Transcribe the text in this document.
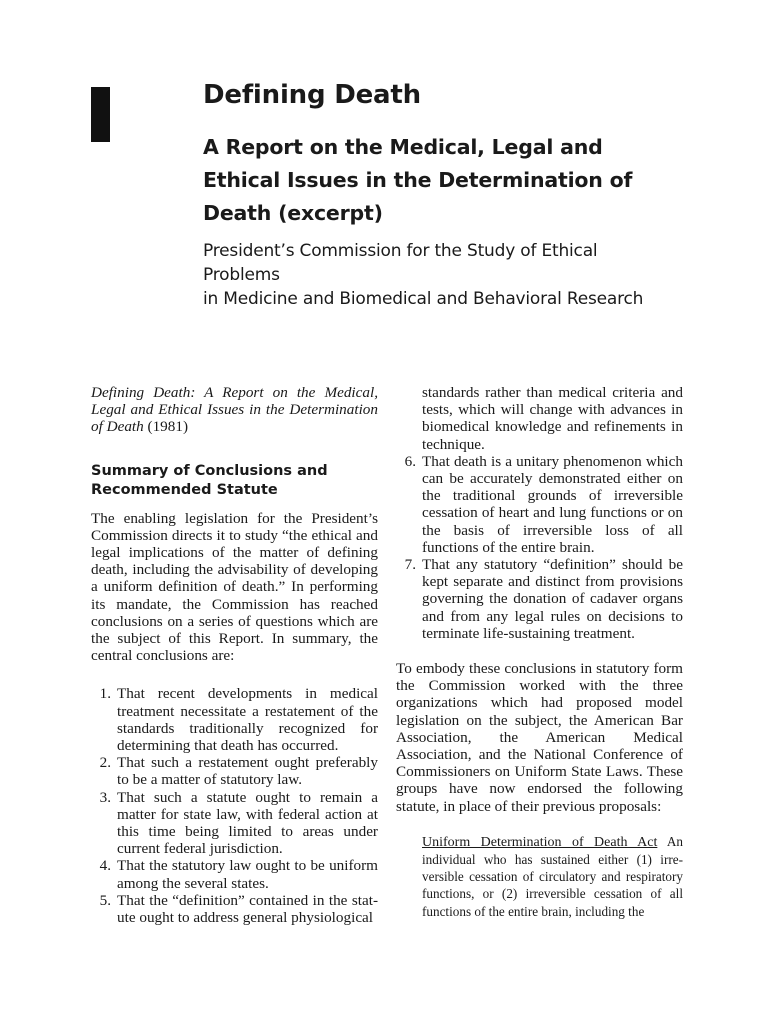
Defining Death
A Report on the Medical, Legal and
Ethical Issues in the Determination of
Death (excerpt)
President’s Commission for the Study of Ethical Problems
in Medicine and Biomedical and Behavioral Research

Defining Death: A Report on the Medical, Legal and Ethical Issues in the Determination of Death (1981)

Summary of Conclusions and
Recommended Statute

The enabling legislation for the President’s Commission directs it to study “the ethical and legal implications of the matter of defining death, including the advisability of developing a uniform definition of death.” In performing its mandate, the Commission has reached conclusions on a series of questions which are the subject of this Report. In summary, the central conclusions are:

1. That recent developments in medical treatment necessitate a restatement of the standards traditionally recognized for determining that death has occurred.
2. That such a restatement ought preferably to be a matter of statutory law.
3. That such a statute ought to remain a matter for state law, with federal action at this time being limited to areas under current federal jurisdiction.
4. That the statutory law ought to be uniform among the several states.
5. That the “definition” contained in the statute ought to address general physiological
standards rather than medical criteria and tests, which will change with advances in biomedical knowledge and refinements in technique.
6. That death is a unitary phenomenon which can be accurately demonstrated either on the traditional grounds of irreversible cessation of heart and lung functions or on the basis of irreversible loss of all functions of the entire brain.
7. That any statutory “definition” should be kept separate and distinct from provisions governing the donation of cadaver organs and from any legal rules on decisions to terminate life-sustaining treatment.

To embody these conclusions in statutory form the Commission worked with the three organizations which had proposed model legislation on the subject, the American Bar Association, the American Medical Association, and the National Conference of Commissioners on Uniform State Laws. These groups have now endorsed the following statute, in place of their previous proposals:

Uniform Determination of Death Act An individual who has sustained either (1) irreversible cessation of circulatory and respiratory functions, or (2) irreversible cessation of all functions of the entire brain, including the
